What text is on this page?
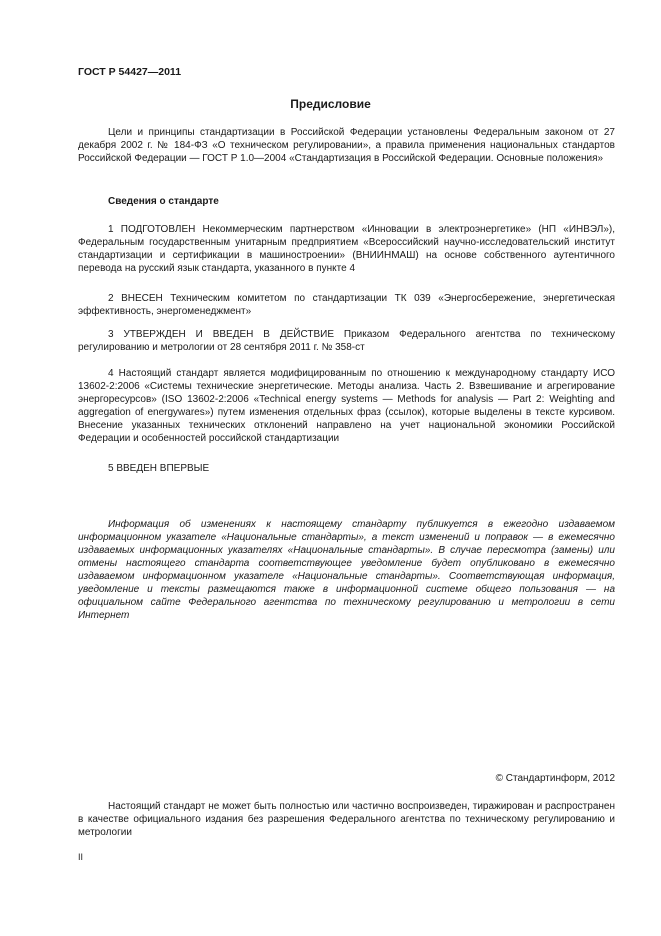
ГОСТ Р 54427—2011
Предисловие

Цели и принципы стандартизации в Российской Федерации установлены Федеральным законом от 27 декабря 2002 г. № 184-ФЗ «О техническом регулировании», а правила применения национальных стандартов Российской Федерации — ГОСТ Р 1.0—2004 «Стандартизация в Российской Федерации. Основные положения»

Сведения о стандарте

1 ПОДГОТОВЛЕН Некоммерческим партнерством «Инновации в электроэнергетике» (НП «ИНВЭЛ»), Федеральным государственным унитарным предприятием «Всероссийский научно-исследовательский институт стандартизации и сертификации в машиностроении» (ВНИИНМАШ) на основе собственного аутентичного перевода на русский язык стандарта, указанного в пункте 4

2 ВНЕСЕН Техническим комитетом по стандартизации ТК 039 «Энергосбережение, энергетическая эффективность, энергоменеджмент»

3 УТВЕРЖДЕН И ВВЕДЕН В ДЕЙСТВИЕ Приказом Федерального агентства по техническому регулированию и метрологии от 28 сентября 2011 г. № 358-ст

4 Настоящий стандарт является модифицированным по отношению к международному стандарту ИСО 13602-2:2006 «Системы технические энергетические. Методы анализа. Часть 2. Взвешивание и агрегирование энергоресурсов» (ISO 13602-2:2006 «Technical energy systems — Methods for analysis — Part 2: Weighting and aggregation of energywares») путем изменения отдельных фраз (ссылок), которые выделены в тексте курсивом. Внесение указанных технических отклонений направлено на учет национальной экономики Российской Федерации и особенностей российской стандартизации

5 ВВЕДЕН ВПЕРВЫЕ

Информация об изменениях к настоящему стандарту публикуется в ежегодно издаваемом информационном указателе «Национальные стандарты», а текст изменений и поправок — в ежемесячно издаваемых информационных указателях «Национальные стандарты». В случае пересмотра (замены) или отмены настоящего стандарта соответствующее уведомление будет опубликовано в ежемесячно издаваемом информационном указателе «Национальные стандарты». Соответствующая информация, уведомление и тексты размещаются также в информационной системе общего пользования — на официальном сайте Федерального агентства по техническому регулированию и метрологии в сети Интернет

© Стандартинформ, 2012

Настоящий стандарт не может быть полностью или частично воспроизведен, тиражирован и распространен в качестве официального издания без разрешения Федерального агентства по техническому регулированию и метрологии

II
